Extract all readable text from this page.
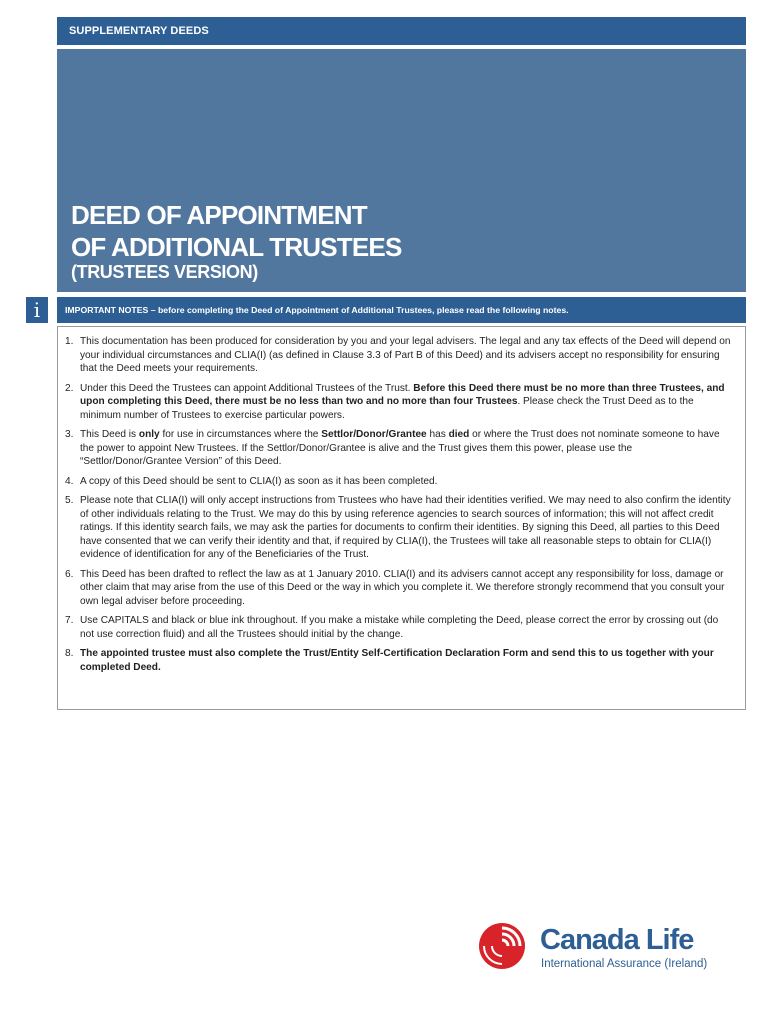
SUPPLEMENTARY DEEDS
DEED OF APPOINTMENT
OF ADDITIONAL TRUSTEES
(TRUSTEES VERSION)
i	IMPORTANT NOTES – before completing the Deed of Appointment of Additional Trustees, please read the following notes.
1. This documentation has been produced for consideration by you and your legal advisers. The legal and any tax effects of the Deed will depend on your individual circumstances and CLIA(I) (as defined in Clause 3.3 of Part B of this Deed) and its advisers accept no responsibility for ensuring that the Deed meets your requirements.
2. Under this Deed the Trustees can appoint Additional Trustees of the Trust. Before this Deed there must be no more than three Trustees, and upon completing this Deed, there must be no less than two and no more than four Trustees. Please check the Trust Deed as to the minimum number of Trustees to exercise particular powers.
3. This Deed is only for use in circumstances where the Settlor/Donor/Grantee has died or where the Trust does not nominate someone to have the power to appoint New Trustees. If the Settlor/Donor/Grantee is alive and the Trust gives them this power, please use the “Settlor/Donor/Grantee Version” of this Deed.
4. A copy of this Deed should be sent to CLIA(I) as soon as it has been completed.
5. Please note that CLIA(I) will only accept instructions from Trustees who have had their identities verified. We may need to also confirm the identity of other individuals relating to the Trust. We may do this by using reference agencies to search sources of information; this will not affect credit ratings. If this identity search fails, we may ask the parties for documents to confirm their identities. By signing this Deed, all parties to this Deed have consented that we can verify their identity and that, if required by CLIA(I), the Trustees will take all reasonable steps to obtain for CLIA(I) evidence of identification for any of the Beneficiaries of the Trust.
6. This Deed has been drafted to reflect the law as at 1 January 2010. CLIA(I) and its advisers cannot accept any responsibility for loss, damage or other claim that may arise from the use of this Deed or the way in which you complete it. We therefore strongly recommend that you consult your own legal adviser before proceeding.
7. Use CAPITALS and black or blue ink throughout. If you make a mistake while completing the Deed, please correct the error by crossing out (do not use correction fluid) and all the Trustees should initial by the change.
8. The appointed trustee must also complete the Trust/Entity Self-Certification Declaration Form and send this to us together with your completed Deed.
Canada Life
International Assurance (Ireland)
